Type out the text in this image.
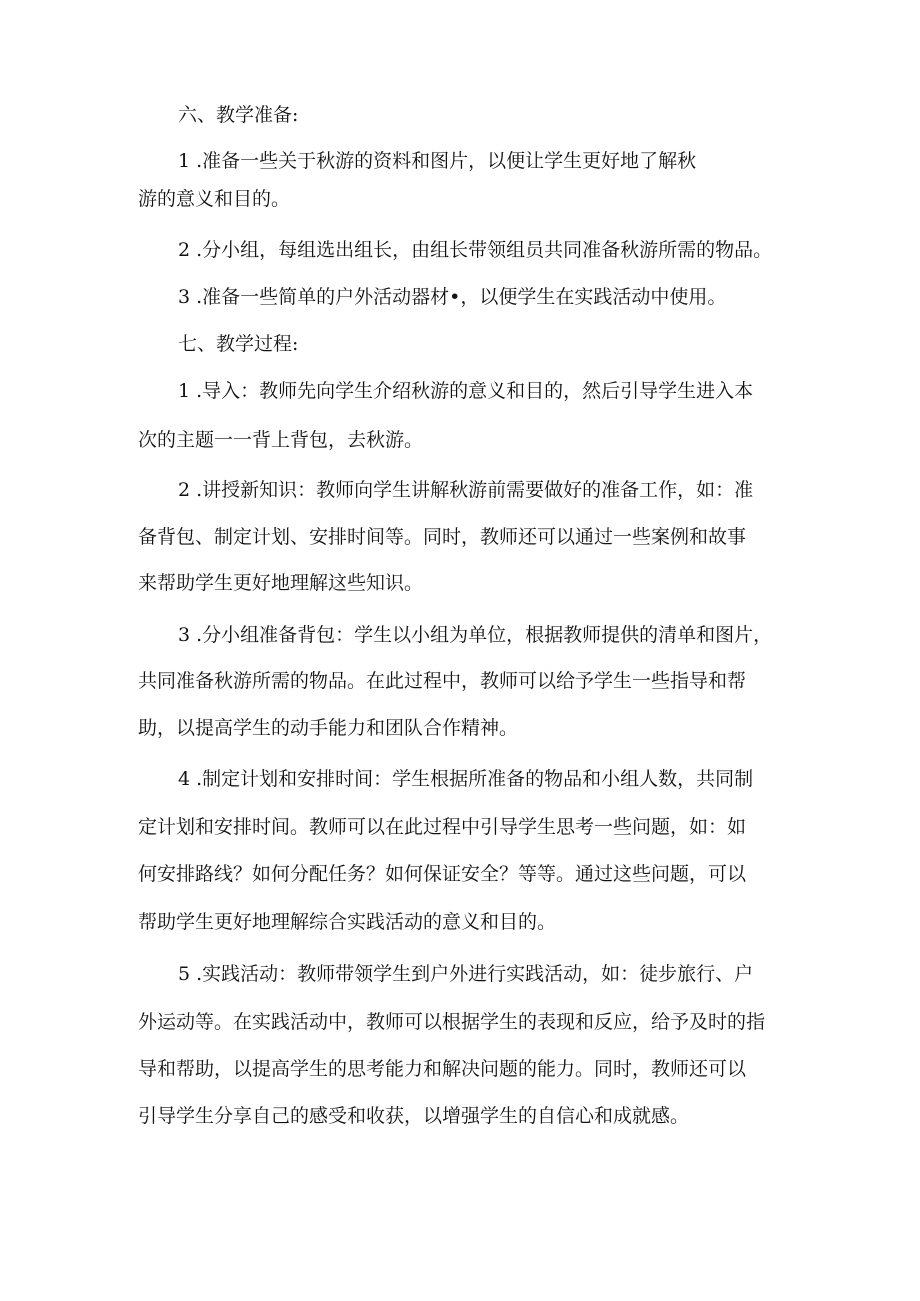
六、教学准备:

1 .准备一些关于秋游的资料和图片，以便让学生更好地了解秋

游的意义和目的。

2 .分小组，每组选出组长，由组长带领组员共同准备秋游所需的物品。

3 .准备一些简单的户外活动器材•，以便学生在实践活动中使用。

七、教学过程:

1 .导入：教师先向学生介绍秋游的意义和目的，然后引导学生进入本

次的主题一一背上背包，去秋游。

2 .讲授新知识：教师向学生讲解秋游前需要做好的准备工作，如：准

备背包、制定计划、安排时间等。同时，教师还可以通过一些案例和故事

来帮助学生更好地理解这些知识。

3 .分小组准备背包：学生以小组为单位，根据教师提供的清单和图片，

共同准备秋游所需的物品。在此过程中，教师可以给予学生一些指导和帮

助，以提高学生的动手能力和团队合作精神。

4 .制定计划和安排时间：学生根据所准备的物品和小组人数，共同制

定计划和安排时间。教师可以在此过程中引导学生思考一些问题，如：如

何安排路线？如何分配任务？如何保证安全？等等。通过这些问题，可以

帮助学生更好地理解综合实践活动的意义和目的。

5 .实践活动：教师带领学生到户外进行实践活动，如：徒步旅行、户

外运动等。在实践活动中，教师可以根据学生的表现和反应，给予及时的指

导和帮助，以提高学生的思考能力和解决问题的能力。同时，教师还可以

引导学生分享自己的感受和收获，以增强学生的自信心和成就感。
